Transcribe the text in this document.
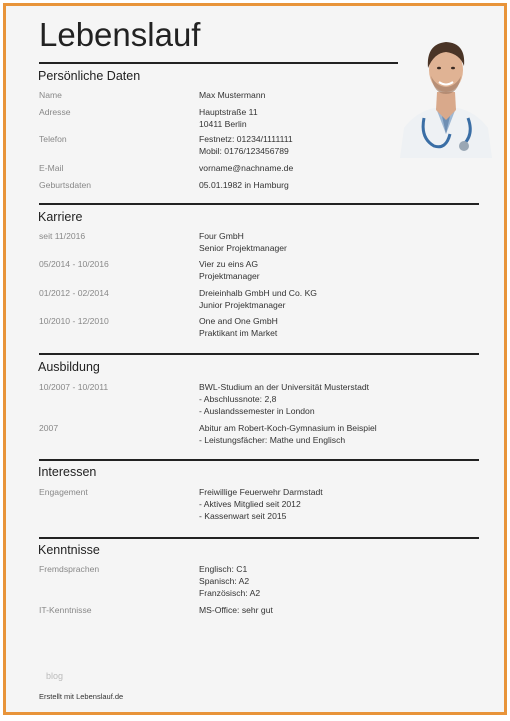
Lebenslauf
Persönliche Daten
Name	Max Mustermann
Adresse	Hauptstraße 11
10411 Berlin
Telefon	Festnetz: 01234/1111111
Mobil: 0176/123456789
E-Mail	vorname@nachname.de
Geburtsdaten	05.01.1982 in Hamburg
Karriere
seit 11/2016	Four GmbH
Senior Projektmanager
05/2014 - 10/2016	Vier zu eins AG
Projektmanager
01/2012 - 02/2014	Dreieinhalb GmbH und Co. KG
Junior Projektmanager
10/2010 - 12/2010	One and One GmbH
Praktikant im Market
Ausbildung
10/2007 - 10/2011	BWL-Studium an der Universität Musterstadt
- Abschlussnote: 2,8
- Auslandssemester in London
2007	Abitur am Robert-Koch-Gymnasium in Beispiel
- Leistungsfächer: Mathe und Englisch
Interessen
Engagement	Freiwillige Feuerwehr Darmstadt
- Aktives Mitglied seit 2012
- Kassenwart seit 2015
Kenntnisse
Fremdsprachen	Englisch: C1
Spanisch: A2
Französisch: A2
IT-Kenntnisse	MS-Office: sehr gut
blog
Erstellt mit Lebenslauf.de
